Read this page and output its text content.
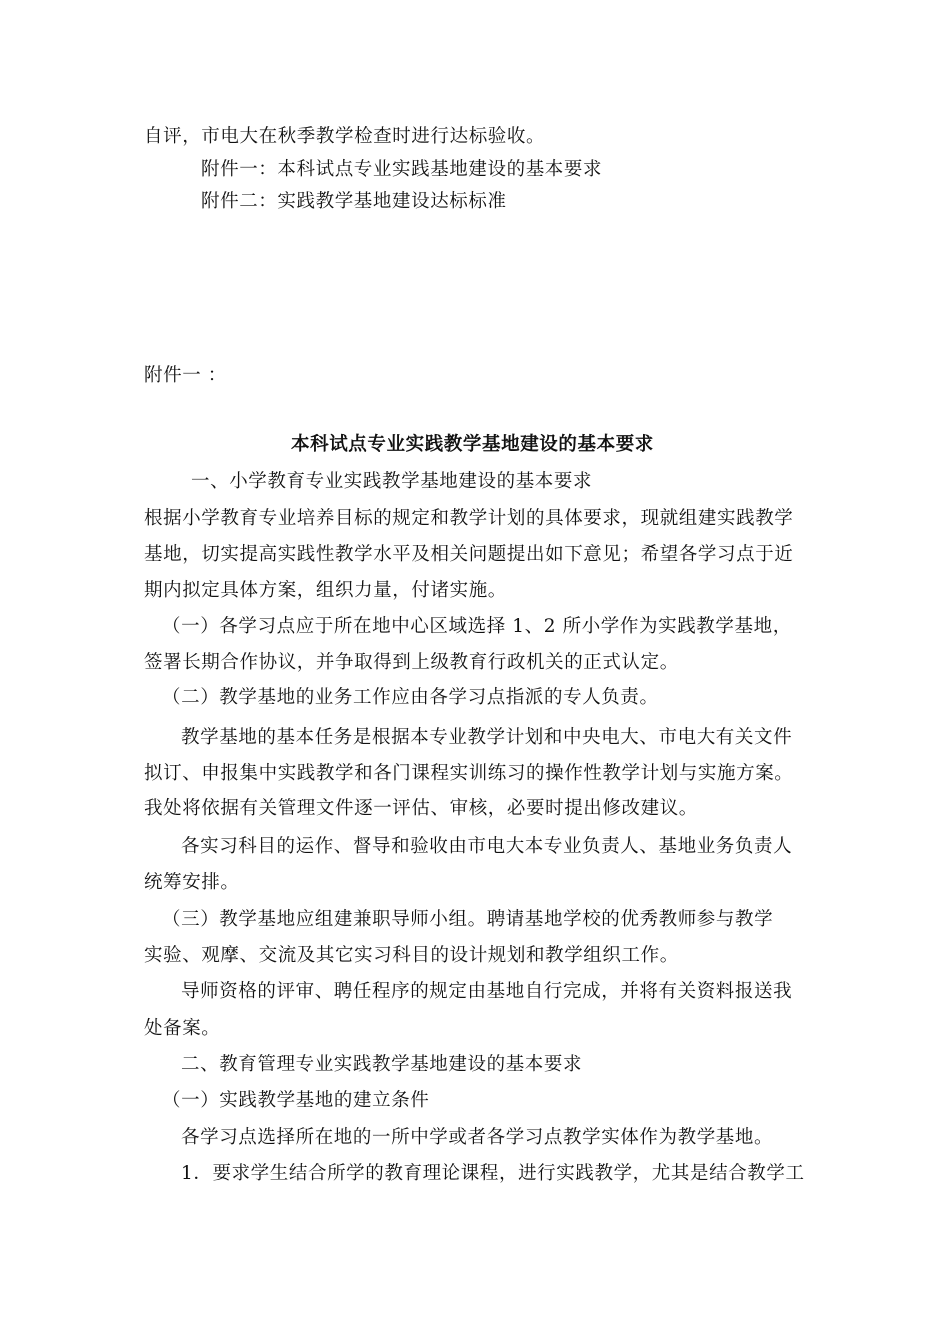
自评，市电大在秋季教学检查时进行达标验收。
附件一：本科试点专业实践基地建设的基本要求
附件二：实践教学基地建设达标标准
附件一 ：
本科试点专业实践教学基地建设的基本要求
一、小学教育专业实践教学基地建设的基本要求
根据小学教育专业培养目标的规定和教学计划的具体要求，现就组建实践教学
基地，切实提高实践性教学水平及相关问题提出如下意见；希望各学习点于近
期内拟定具体方案，组织力量，付诸实施。
（一）各学习点应于所在地中心区域选择 1、2 所小学作为实践教学基地，
签署长期合作协议，并争取得到上级教育行政机关的正式认定。
（二）教学基地的业务工作应由各学习点指派的专人负责。
教学基地的基本任务是根据本专业教学计划和中央电大、市电大有关文件
拟订、申报集中实践教学和各门课程实训练习的操作性教学计划与实施方案。
我处将依据有关管理文件逐一评估、审核，必要时提出修改建议。
各实习科目的运作、督导和验收由市电大本专业负责人、基地业务负责人
统筹安排。
（三）教学基地应组建兼职导师小组。聘请基地学校的优秀教师参与教学
实验、观摩、交流及其它实习科目的设计规划和教学组织工作。
导师资格的评审、聘任程序的规定由基地自行完成，并将有关资料报送我
处备案。
二、教育管理专业实践教学基地建设的基本要求
（一）实践教学基地的建立条件
各学习点选择所在地的一所中学或者各学习点教学实体作为教学基地。
1．要求学生结合所学的教育理论课程，进行实践教学，尤其是结合教学工
